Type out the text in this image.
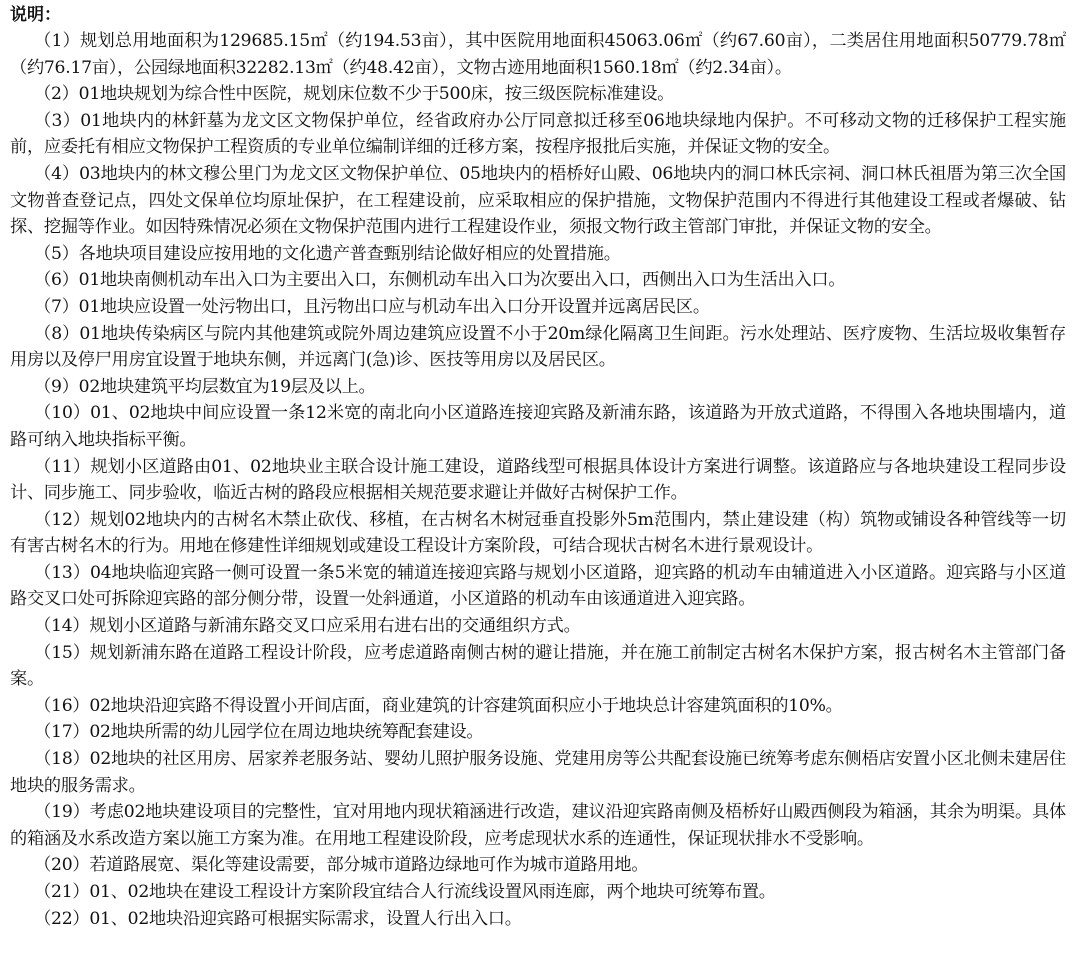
说明：

（1）规划总用地面积为129685.15㎡（约194.53亩），其中医院用地面积45063.06㎡（约67.60亩），二类居住用地面积50779.78㎡（约76.17亩），公园绿地面积32282.13㎡（约48.42亩），文物古迹用地面积1560.18㎡（约2.34亩）。

（2）01地块规划为综合性中医院，规划床位数不少于500床，按三级医院标准建设。

（3）01地块内的林釬墓为龙文区文物保护单位，经省政府办公厅同意拟迁移至06地块绿地内保护。不可移动文物的迁移保护工程实施前，应委托有相应文物保护工程资质的专业单位编制详细的迁移方案，按程序报批后实施，并保证文物的安全。

（4）03地块内的林文穆公里门为龙文区文物保护单位、05地块内的梧桥好山殿、06地块内的洞口林氏宗祠、洞口林氏祖厝为第三次全国文物普查登记点，四处文保单位均原址保护，在工程建设前，应采取相应的保护措施，文物保护范围内不得进行其他建设工程或者爆破、钻探、挖掘等作业。如因特殊情况必须在文物保护范围内进行工程建设作业，须报文物行政主管部门审批，并保证文物的安全。

（5）各地块项目建设应按用地的文化遗产普查甄别结论做好相应的处置措施。

（6）01地块南侧机动车出入口为主要出入口，东侧机动车出入口为次要出入口，西侧出入口为生活出入口。

（7）01地块应设置一处污物出口，且污物出口应与机动车出入口分开设置并远离居民区。

（8）01地块传染病区与院内其他建筑或院外周边建筑应设置不小于20m绿化隔离卫生间距。污水处理站、医疗废物、生活垃圾收集暂存用房以及停尸用房宜设置于地块东侧，并远离门(急)诊、医技等用房以及居民区。

（9）02地块建筑平均层数宜为19层及以上。

（10）01、02地块中间应设置一条12米宽的南北向小区道路连接迎宾路及新浦东路，该道路为开放式道路，不得围入各地块围墙内，道路可纳入地块指标平衡。

（11）规划小区道路由01、02地块业主联合设计施工建设，道路线型可根据具体设计方案进行调整。该道路应与各地块建设工程同步设计、同步施工、同步验收，临近古树的路段应根据相关规范要求避让并做好古树保护工作。

（12）规划02地块内的古树名木禁止砍伐、移植，在古树名木树冠垂直投影外5m范围内，禁止建设建（构）筑物或铺设各种管线等一切有害古树名木的行为。用地在修建性详细规划或建设工程设计方案阶段，可结合现状古树名木进行景观设计。

（13）04地块临迎宾路一侧可设置一条5米宽的辅道连接迎宾路与规划小区道路，迎宾路的机动车由辅道进入小区道路。迎宾路与小区道路交叉口处可拆除迎宾路的部分侧分带，设置一处斜通道，小区道路的机动车由该通道进入迎宾路。

（14）规划小区道路与新浦东路交叉口应采用右进右出的交通组织方式。

（15）规划新浦东路在道路工程设计阶段，应考虑道路南侧古树的避让措施，并在施工前制定古树名木保护方案，报古树名木主管部门备案。

（16）02地块沿迎宾路不得设置小开间店面，商业建筑的计容建筑面积应小于地块总计容建筑面积的10%。

（17）02地块所需的幼儿园学位在周边地块统筹配套建设。

（18）02地块的社区用房、居家养老服务站、婴幼儿照护服务设施、党建用房等公共配套设施已统筹考虑东侧梧店安置小区北侧未建居住地块的服务需求。

（19）考虑02地块建设项目的完整性，宜对用地内现状箱涵进行改造，建议沿迎宾路南侧及梧桥好山殿西侧段为箱涵，其余为明渠。具体的箱涵及水系改造方案以施工方案为准。在用地工程建设阶段，应考虑现状水系的连通性，保证现状排水不受影响。

（20）若道路展宽、渠化等建设需要，部分城市道路边绿地可作为城市道路用地。

（21）01、02地块在建设工程设计方案阶段宜结合人行流线设置风雨连廊，两个地块可统筹布置。

（22）01、02地块沿迎宾路可根据实际需求，设置人行出入口。
